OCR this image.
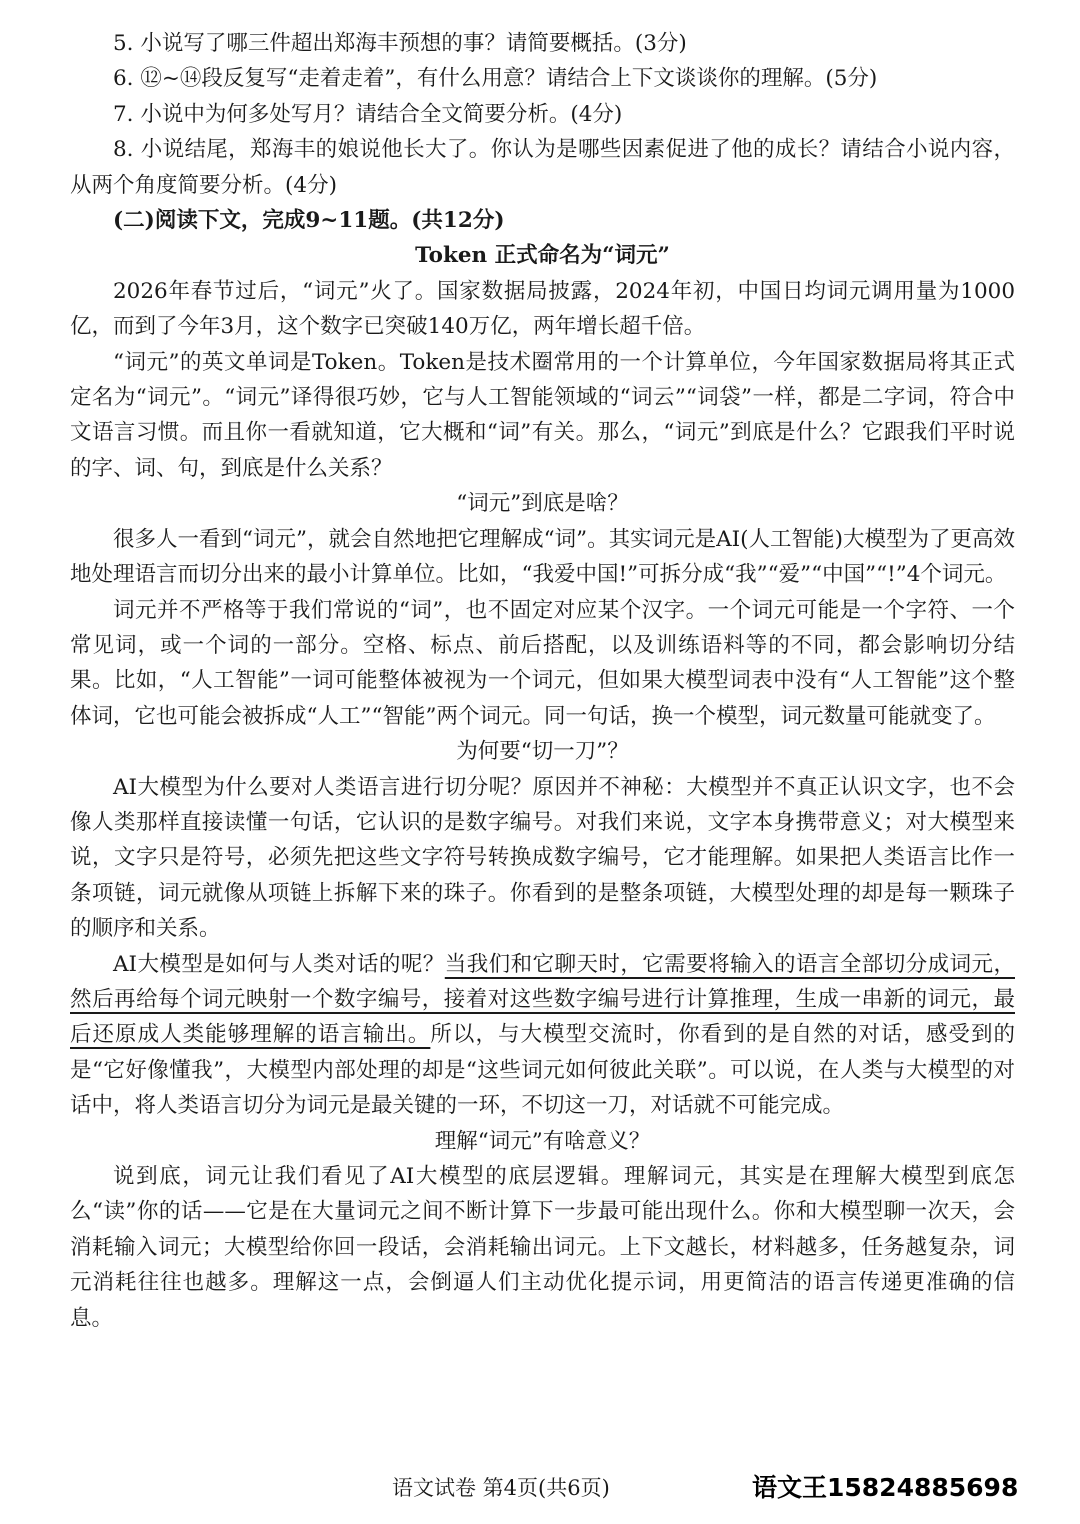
5. 小说写了哪三件超出郑海丰预想的事？请简要概括。(3分)

6. ⑫~⑭段反复写“走着走着”，有什么用意？请结合上下文谈谈你的理解。(5分)

7. 小说中为何多处写月？请结合全文简要分析。(4分)

8. 小说结尾，郑海丰的娘说他长大了。你认为是哪些因素促进了他的成长？请结合小说内容，从两个角度简要分析。(4分)

(二)阅读下文，完成9~11题。(共12分)

Token 正式命名为“词元”

2026年春节过后，“词元”火了。国家数据局披露，2024年初，中国日均词元调用量为1000亿，而到了今年3月，这个数字已突破140万亿，两年增长超千倍。

“词元”的英文单词是Token。Token是技术圈常用的一个计算单位，今年国家数据局将其正式定名为“词元”。“词元”译得很巧妙，它与人工智能领域的“词云”“词袋”一样，都是二字词，符合中文语言习惯。而且你一看就知道，它大概和“词”有关。那么，“词元”到底是什么？它跟我们平时说的字、词、句，到底是什么关系？

“词元”到底是啥？

很多人一看到“词元”，就会自然地把它理解成“词”。其实词元是AI(人工智能)大模型为了更高效地处理语言而切分出来的最小计算单位。比如，“我爱中国!”可拆分成“我”“爱”“中国”“!”4个词元。

词元并不严格等于我们常说的“词”，也不固定对应某个汉字。一个词元可能是一个字符、一个常见词，或一个词的一部分。空格、标点、前后搭配，以及训练语料等的不同，都会影响切分结果。比如，“人工智能”一词可能整体被视为一个词元，但如果大模型词表中没有“人工智能”这个整体词，它也可能会被拆成“人工”“智能”两个词元。同一句话，换一个模型，词元数量可能就变了。

为何要“切一刀”？

AI大模型为什么要对人类语言进行切分呢？原因并不神秘：大模型并不真正认识文字，也不会像人类那样直接读懂一句话，它认识的是数字编号。对我们来说，文字本身携带意义；对大模型来说，文字只是符号，必须先把这些文字符号转换成数字编号，它才能理解。如果把人类语言比作一条项链，词元就像从项链上拆解下来的珠子。你看到的是整条项链，大模型处理的却是每一颗珠子的顺序和关系。

AI大模型是如何与人类对话的呢？当我们和它聊天时，它需要将输入的语言全部切分成词元，然后再给每个词元映射一个数字编号，接着对这些数字编号进行计算推理，生成一串新的词元，最后还原成人类能够理解的语言输出。所以，与大模型交流时，你看到的是自然的对话，感受到的是“它好像懂我”，大模型内部处理的却是“这些词元如何彼此关联”。可以说，在人类与大模型的对话中，将人类语言切分为词元是最关键的一环，不切这一刀，对话就不可能完成。

理解“词元”有啥意义？

说到底，词元让我们看见了AI大模型的底层逻辑。理解词元，其实是在理解大模型到底怎么“读”你的话——它是在大量词元之间不断计算下一步最可能出现什么。你和大模型聊一次天，会消耗输入词元；大模型给你回一段话，会消耗输出词元。上下文越长，材料越多，任务越复杂，词元消耗往往也越多。理解这一点，会倒逼人们主动优化提示词，用更简洁的语言传递更准确的信息。

语文试卷 第4页(共6页)	语文王15824885698
